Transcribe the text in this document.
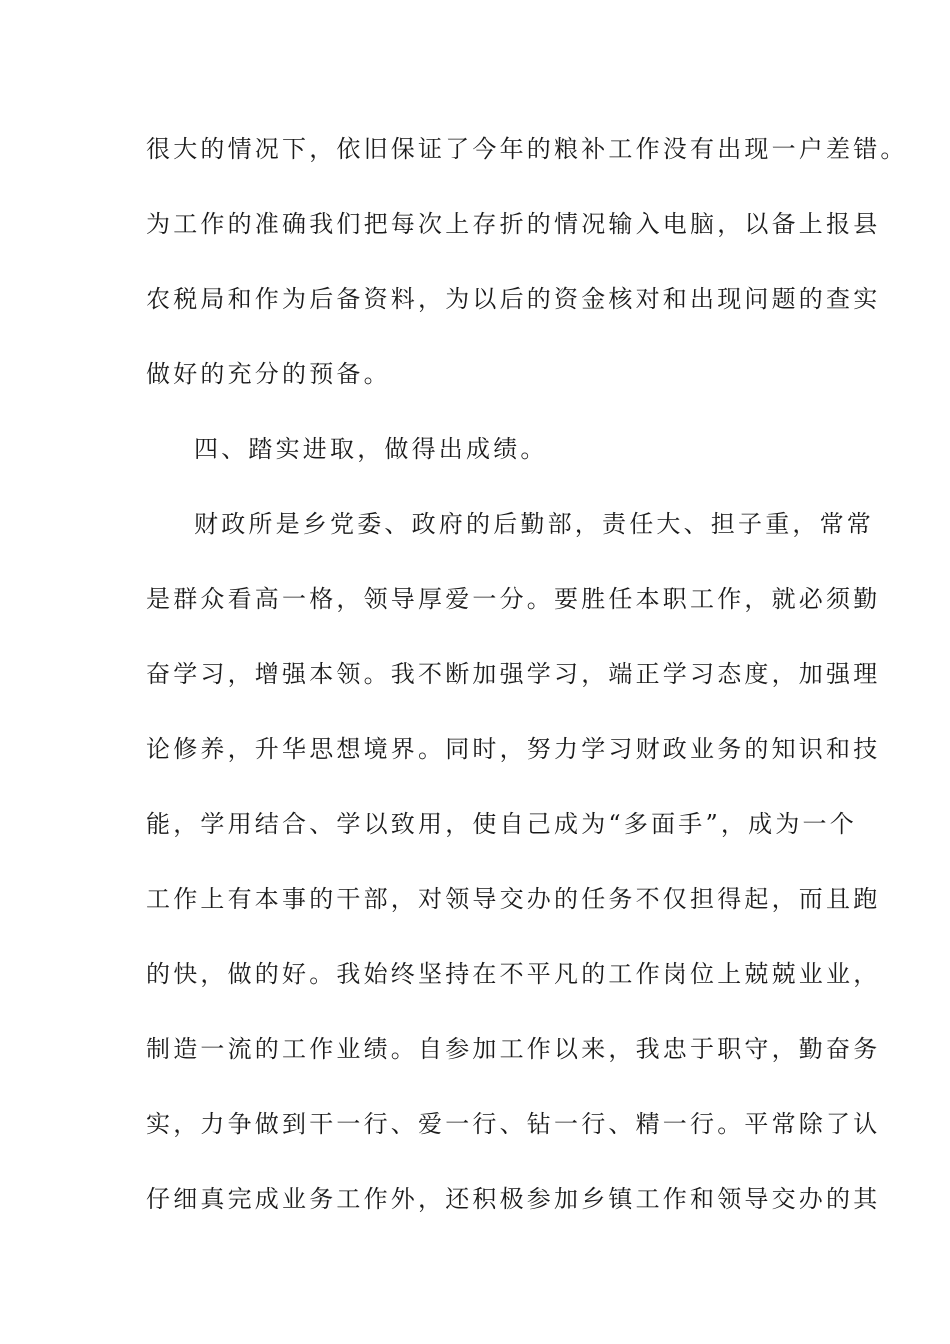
很大的情况下，依旧保证了今年的粮补工作没有出现一户差错。
为工作的准确我们把每次上存折的情况输入电脑，以备上报县
农税局和作为后备资料，为以后的资金核对和出现问题的查实
做好的充分的预备。
四、踏实进取，做得出成绩。
财政所是乡党委、政府的后勤部，责任大、担子重，常常
是群众看高一格，领导厚爱一分。要胜任本职工作，就必须勤
奋学习，增强本领。我不断加强学习，端正学习态度，加强理
论修养，升华思想境界。同时，努力学习财政业务的知识和技
能，学用结合、学以致用，使自己成为“多面手”，成为一个
工作上有本事的干部，对领导交办的任务不仅担得起，而且跑
的快，做的好。我始终坚持在不平凡的工作岗位上兢兢业业，
制造一流的工作业绩。自参加工作以来，我忠于职守，勤奋务
实，力争做到干一行、爱一行、钻一行、精一行。平常除了认
仔细真完成业务工作外，还积极参加乡镇工作和领导交办的其
